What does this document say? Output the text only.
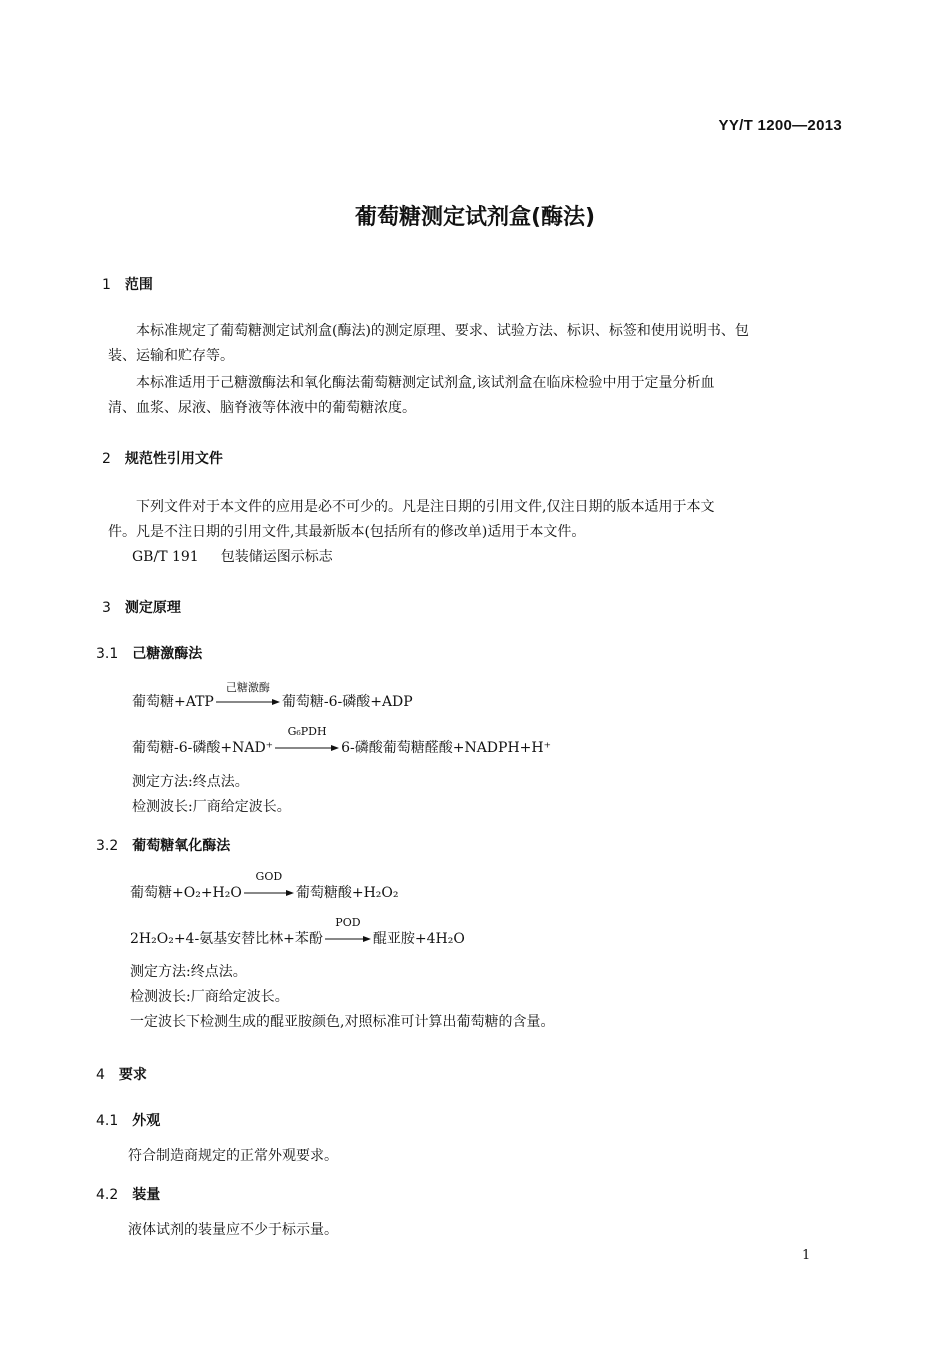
YY/T 1200—2013
葡萄糖测定试剂盒(酶法)
1 范围
本标准规定了葡萄糖测定试剂盒(酶法)的测定原理、要求、试验方法、标识、标签和使用说明书、包
装、运输和贮存等。
本标准适用于己糖激酶法和氧化酶法葡萄糖测定试剂盒,该试剂盒在临床检验中用于定量分析血
清、血浆、尿液、脑脊液等体液中的葡萄糖浓度。
2 规范性引用文件
下列文件对于本文件的应用是必不可少的。凡是注日期的引用文件,仅注日期的版本适用于本文
件。凡是不注日期的引用文件,其最新版本(包括所有的修改单)适用于本文件。
GB/T 191 包装储运图示标志
3 测定原理
3.1 己糖激酶法
葡萄糖+ATP
己糖激酶
葡萄糖-6-磷酸+ADP
葡萄糖-6-磷酸+NAD⁺
G₆PDH
6-磷酸葡萄糖醛酸+NADPH+H⁺
测定方法:终点法。
检测波长:厂商给定波长。
3.2 葡萄糖氧化酶法
葡萄糖+O₂+H₂O
GOD
葡萄糖酸+H₂O₂
2H₂O₂+4-氨基安替比林+苯酚
POD
醌亚胺+4H₂O
测定方法:终点法。
检测波长:厂商给定波长。
一定波长下检测生成的醌亚胺颜色,对照标准可计算出葡萄糖的含量。
4 要求
4.1 外观
符合制造商规定的正常外观要求。
4.2 装量
液体试剂的装量应不少于标示量。
1
